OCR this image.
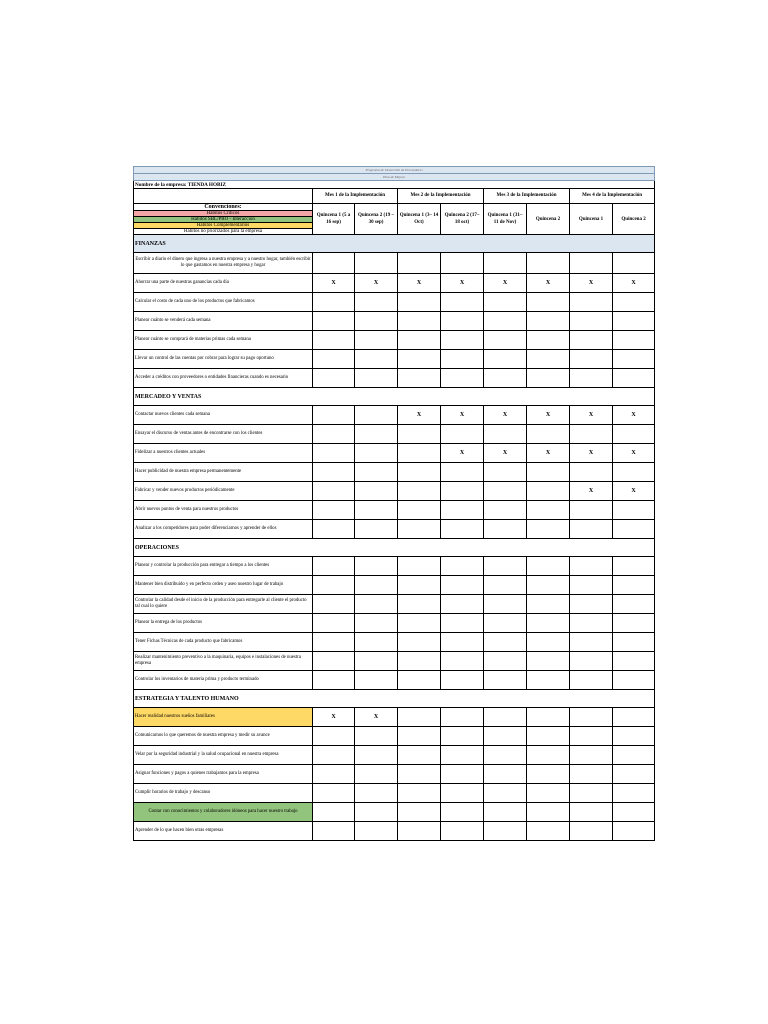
Programa de Desarrollo de Proveedores								
Plan de Mejora								
Nombre de la empresa: TIENDA HOBIZ								
	Mes 1 de la Implementación		Mes 2 de la Implementación		Mes 3 de la Implementación		Mes 4 de la Implementación	
Convenciones:	Quincena 1 (5 a 16 sep)	Quincena 2 (19 – 30 sep)	Quincena 1 (3– 14 Oct)	Quincena 2 (17– 18 oct)	Quincena 1 (31– 11 de Nov)	Quincena 2	Quincena 1	Quincena 2
Hábitos Críticos								
Hábitos SBL/PRO - Interacción								
Hábitos Complementarios								
Hábitos no priorizados para la empresa								
FINANZAS								
Escribir a diario el dinero que ingresa a nuestra empresa y a nuestro hogar, también escribir lo que gastamos en nuestra empresa y hogar								
Ahorrar una parte de nuestras ganancias cada día	X	X	X	X	X	X	X	X
Calcular el costo de cada uno de los productos que fabricamos								
Planear cuánto se venderá cada semana								
Planear cuánto se comprará de materias primas cada semana								
Llevar un control de las cuentas por cobrar para lograr su pago oportuno								
Acceder a créditos con proveedores o entidades financieras cuando es necesario								
MERCADEO Y VENTAS								
Contactar nuevos clientes cada semana			X	X	X	X	X	X
Ensayar el discurso de ventas antes de encontrarse con los clientes								
Fidelizar a nuestros clientes actuales				X	X	X	X	X
Hacer publicidad de nuestra empresa permanentemente								
Fabricar y vender nuevos productos periódicamente							X	X
Abrir nuevos puntos de venta para nuestros productos								
Analizar a los competidores para poder diferenciarnos y aprender de ellos								
OPERACIONES								
Planear y controlar la producción para entregar a tiempo a los clientes								
Mantener bien distribuido y en perfecto orden y aseo nuestro lugar de trabajo								
Controlar la calidad desde el inicio de la producción para entregarle al cliente el producto tal cual lo quiere								
Planear la entrega de los productos								
Tener Fichas Técnicas de cada producto que fabricamos								
Realizar mantenimiento preventivo a la maquinaria, equipos e instalaciones de nuestra empresa								
Controlar los inventarios de materia prima y producto terminado								
ESTRATEGIA Y TALENTO HUMANO								
Hacer realidad nuestros sueños familiares	X	X						
Comunicarnos lo que queremos de nuestra empresa y medir su avance								
Velar por la seguridad industrial y la salud ocupacional en nuestra empresa								
Asignar funciones y pagos a quienes trabajamos para la empresa								
Cumplir horarios de trabajo y descanso								
Contar con conocimientos y colaboradores idóneos para hacer nuestro trabajo								
Aprender de lo que hacen bien otras empresas								
